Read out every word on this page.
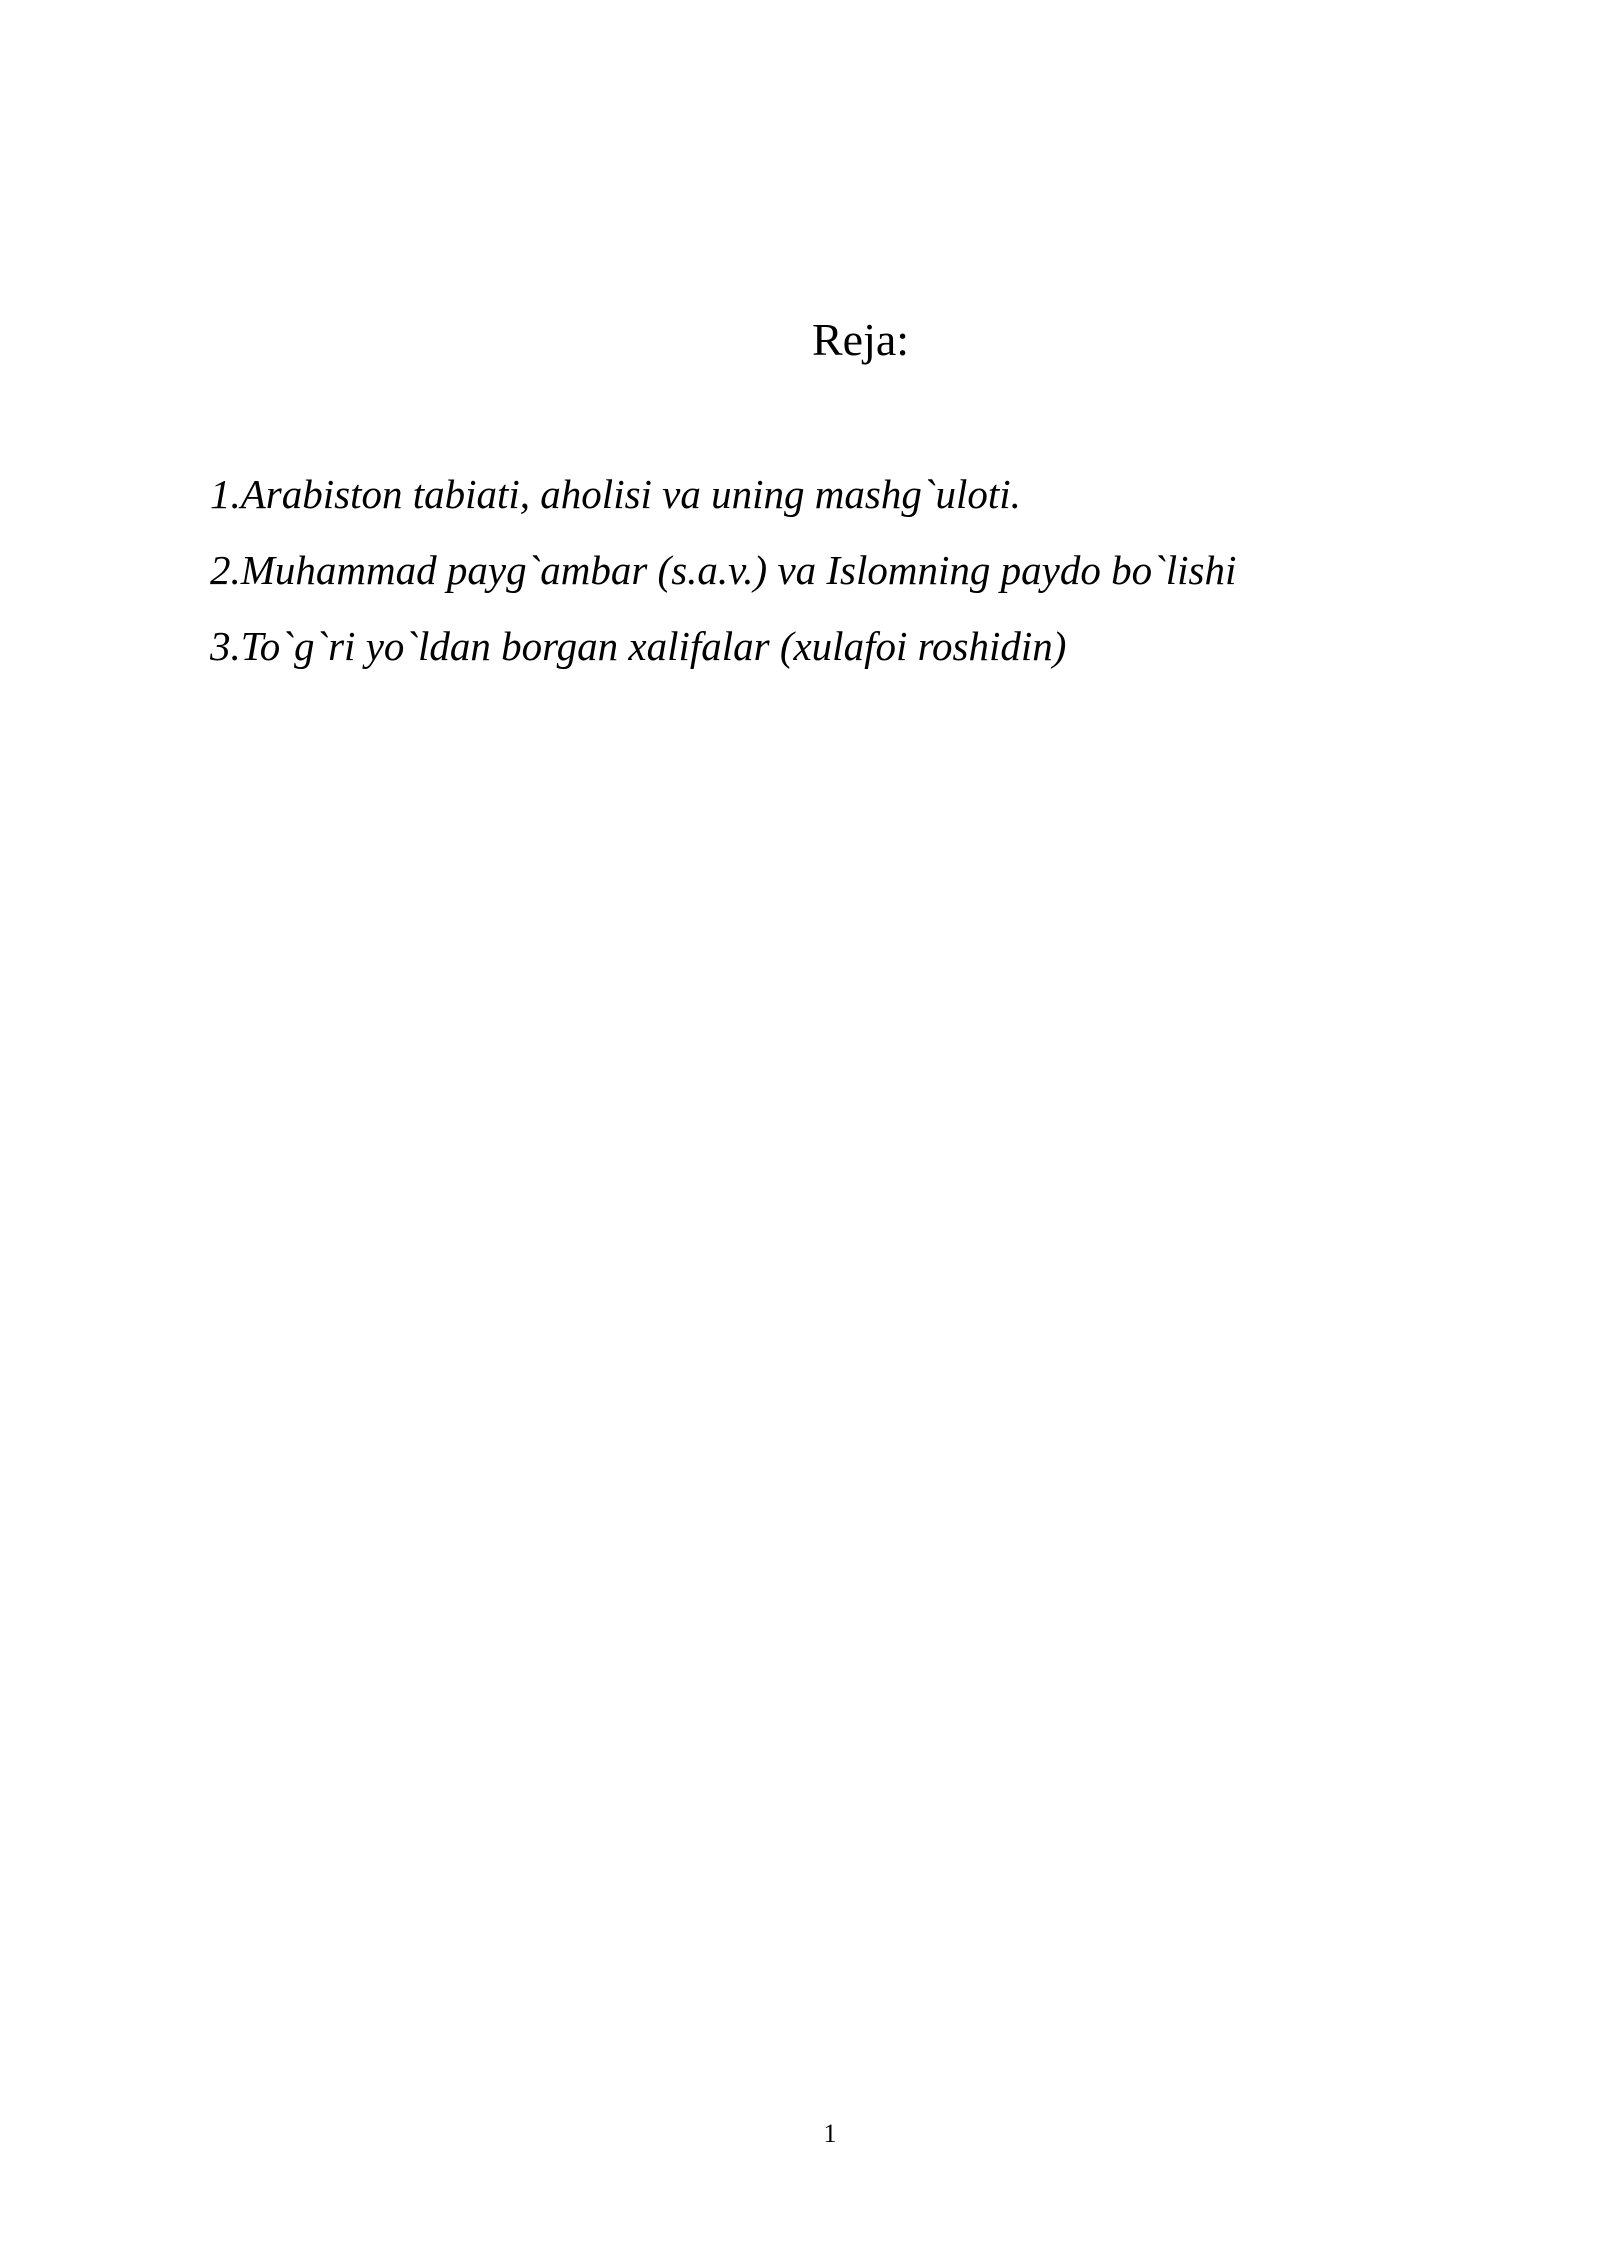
Reja:
1.Arabiston tabiati, aholisi va uning mashg`uloti.
2.Muhammad payg`ambar (s.a.v.) va Islomning paydo bo`lishi
3.To`g`ri yo`ldan borgan xalifalar (xulafoi roshidin)
1
